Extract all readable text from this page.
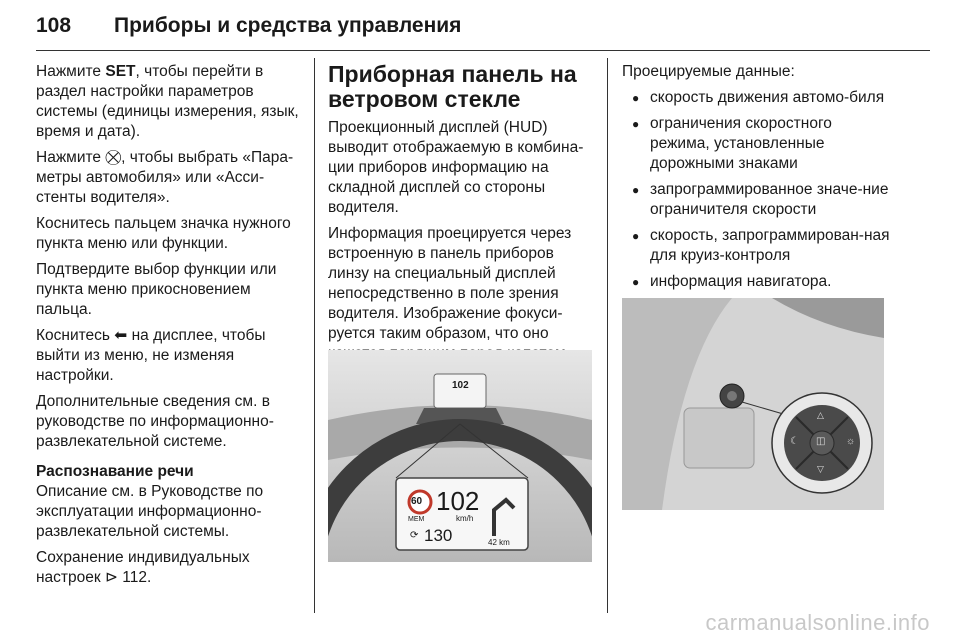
108	Приборы и средства управления

Нажмите SET, чтобы перейти в раздел настройки параметров системы (единицы измерения, язык, время и дата).

Нажмите ⛒, чтобы выбрать «Пара-метры автомобиля» или «Асси-стенты водителя».

Коснитесь пальцем значка нужного пункта меню или функции.

Подтвердите выбор функции или пункта меню прикосновением пальца.

Коснитесь ⬅ на дисплее, чтобы выйти из меню, не изменяя настройки.

Дополнительные сведения см. в руководстве по информационно-развлекательной системе.

Распознавание речи

Описание см. в Руководстве по эксплуатации информационно-развлекательной системы.

Сохранение индивидуальных настроек ⊳ 112.

Приборная панель на ветровом стекле

Проекционный дисплей (HUD) выводит отображаемую в комбина-ции приборов информацию на складной дисплей со стороны водителя.

Информация проецируется через встроенную в панель приборов линзу на специальный дисплей непосредственно в поле зрения водителя. Изображение фокуси-руется таким образом, что оно

102
60
MEM
102
km/h
⟳ 130	42 km

Проецируемые данные:

● скорость движения автомо-биля
● ограничения скоростного режима, установленные дорожными знаками
● запрограммированное значе-ние ограничителя скорости
● скорость, запрограммирован-ная для круиз-контроля
● информация навигатора.
△
▽
☾	☼
◫
carmanualsonline.info
